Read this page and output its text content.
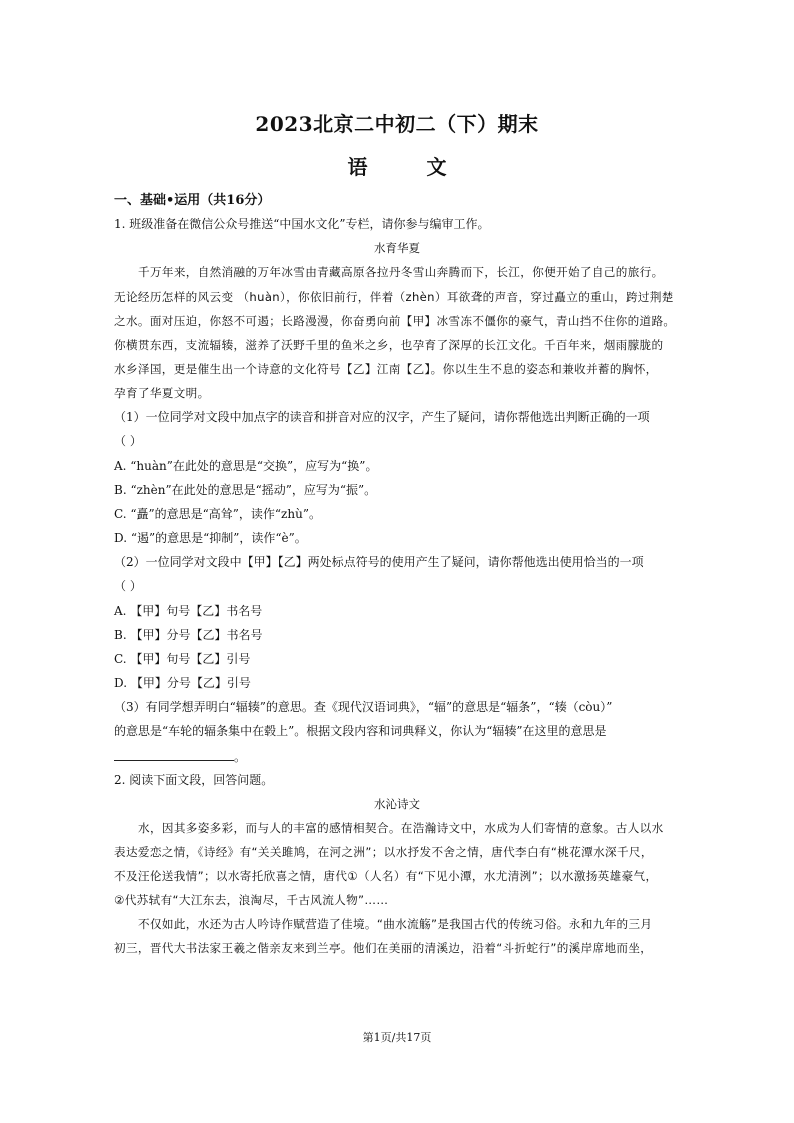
2023北京二中初二（下）期末
语 文
一、基础•运用（共16分）
1. 班级准备在微信公众号推送“中国水文化”专栏，请你参与编审工作。
水育华夏
千万年来，自然消融的万年冰雪由青藏高原各拉丹冬雪山奔腾而下，长江，你便开始了自己的旅行。
无论经历怎样的风云变 （huàn），你依旧前行，伴着（zhèn）耳欲聋的声音，穿过矗立的重山，跨过荆楚
之水。面对压迫，你怒不可遏；长路漫漫，你奋勇向前【甲】冰雪冻不僵你的豪气，青山挡不住你的道路。
你横贯东西，支流辐辏，滋养了沃野千里的鱼米之乡，也孕育了深厚的长江文化。千百年来，烟雨朦胧的
水乡泽国，更是催生出一个诗意的文化符号【乙】江南【乙】。你以生生不息的姿态和兼收并蓄的胸怀，
孕育了华夏文明。
（1）一位同学对文段中加点字的读音和拼音对应的汉字，产生了疑问，请你帮他选出判断正确的一项
（ ）
A. “huàn”在此处的意思是“交换”，应写为“换”。
B. “zhèn”在此处的意思是“摇动”，应写为“振”。
C. “矗”的意思是“高耸”，读作“zhù”。
D. “遏”的意思是“抑制”，读作“è”。
（2）一位同学对文段中【甲】【乙】两处标点符号的使用产生了疑问，请你帮他选出使用恰当的一项
（ ）
A. 【甲】句号【乙】书名号
B. 【甲】分号【乙】书名号
C. 【甲】句号【乙】引号
D. 【甲】分号【乙】引号
（3）有同学想弄明白“辐辏”的意思。查《现代汉语词典》，“辐”的意思是“辐条”，“辏（còu）”
的意思是“车轮的辐条集中在毂上”。根据文段内容和词典释义，你认为“辐辏”在这里的意思是
。
2. 阅读下面文段，回答问题。
水沁诗文
水，因其多姿多彩，而与人的丰富的感情相契合。在浩瀚诗文中，水成为人们寄情的意象。古人以水
表达爱恋之情，《诗经》有“关关雎鸠，在河之洲”；以水抒发不舍之情，唐代李白有“桃花潭水深千尺，
不及汪伦送我情”；以水寄托欣喜之情，唐代①（人名）有“下见小潭，水尤清洌”；以水激扬英雄豪气，
②代苏轼有“大江东去，浪淘尽，千古风流人物”……
不仅如此，水还为古人吟诗作赋营造了佳境。“曲水流觞”是我国古代的传统习俗。永和九年的三月
初三，晋代大书法家王羲之偕亲友来到兰亭。他们在美丽的清溪边，沿着“斗折蛇行”的溪岸席地而坐，
第1页/共17页
